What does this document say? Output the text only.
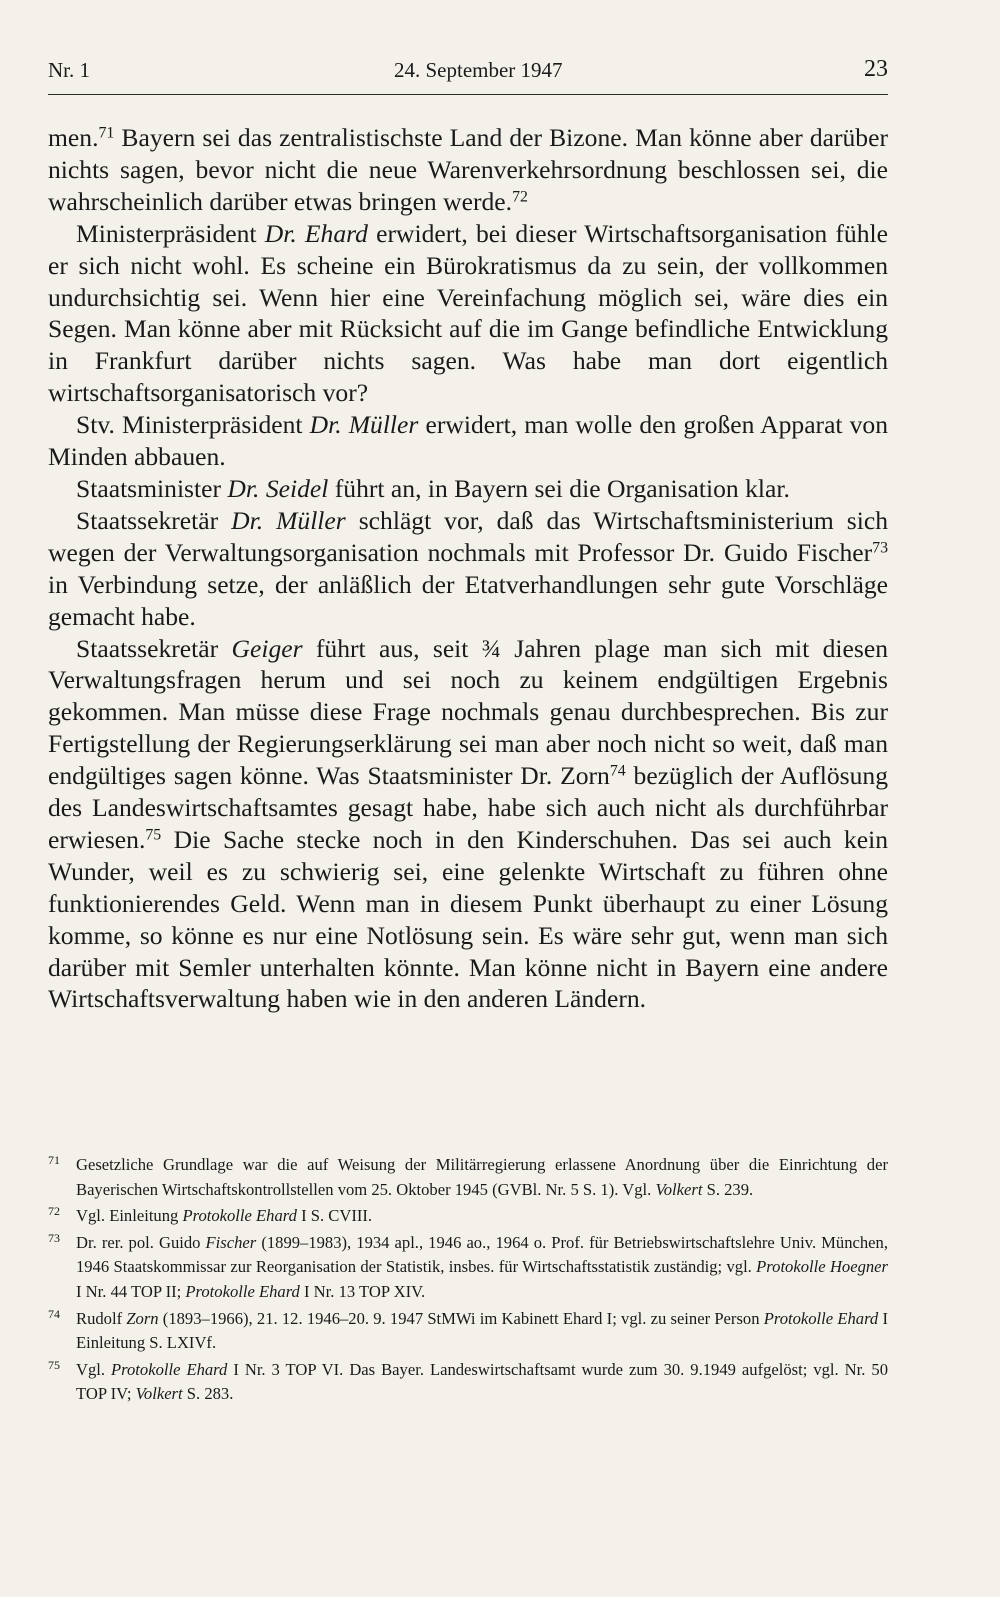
Nr. 1	24. September 1947	23

men.$^{71}$ Bayern sei das zentralistischste Land der Bizone. Man könne aber darüber nichts sagen, bevor nicht die neue Warenverkehrsordnung beschlossen sei, die wahrscheinlich darüber etwas bringen werde.$^{72}$

Ministerpräsident Dr. Ehard erwidert, bei dieser Wirtschaftsorganisation fühle er sich nicht wohl. Es scheine ein Bürokratismus da zu sein, der vollkommen undurchsichtig sei. Wenn hier eine Vereinfachung möglich sei, wäre dies ein Segen. Man könne aber mit Rücksicht auf die im Gange befindliche Entwicklung in Frankfurt darüber nichts sagen. Was habe man dort eigentlich wirtschaftsorganisatorisch vor?

Stv. Ministerpräsident Dr. Müller erwidert, man wolle den großen Apparat von Minden abbauen.

Staatsminister Dr. Seidel führt an, in Bayern sei die Organisation klar.

Staatssekretär Dr. Müller schlägt vor, daß das Wirtschaftsministerium sich wegen der Verwaltungsorganisation nochmals mit Professor Dr. Guido Fischer$^{73}$ in Verbindung setze, der anläßlich der Etatverhandlungen sehr gute Vorschläge gemacht habe.

Staatssekretär Geiger führt aus, seit ¾ Jahren plage man sich mit diesen Verwaltungsfragen herum und sei noch zu keinem endgültigen Ergebnis gekommen. Man müsse diese Frage nochmals genau durchbesprechen. Bis zur Fertigstellung der Regierungserklärung sei man aber noch nicht so weit, daß man endgültiges sagen könne. Was Staatsminister Dr. Zorn$^{74}$ bezüglich der Auflösung des Landeswirtschaftsamtes gesagt habe, habe sich auch nicht als durchführbar erwiesen.$^{75}$ Die Sache stecke noch in den Kinderschuhen. Das sei auch kein Wunder, weil es zu schwierig sei, eine gelenkte Wirtschaft zu führen ohne funktionierendes Geld. Wenn man in diesem Punkt überhaupt zu einer Lösung komme, so könne es nur eine Notlösung sein. Es wäre sehr gut, wenn man sich darüber mit Semler unterhalten könnte. Man könne nicht in Bayern eine andere Wirtschaftsverwaltung haben wie in den anderen Ländern.

71 Gesetzliche Grundlage war die auf Weisung der Militärregierung erlassene Anordnung über die Einrichtung der Bayerischen Wirtschaftskontrollstellen vom 25. Oktober 1945 (GVBl. Nr. 5 S. 1). Vgl. Volkert S. 239.
72 Vgl. Einleitung Protokolle Ehard I S. CVIII.
73 Dr. rer. pol. Guido Fischer (1899–1983), 1934 apl., 1946 ao., 1964 o. Prof. für Betriebswirtschaftslehre Univ. München, 1946 Staatskommissar zur Reorganisation der Statistik, insbes. für Wirtschaftsstatistik zuständig; vgl. Protokolle Hoegner I Nr. 44 TOP II; Protokolle Ehard I Nr. 13 TOP XIV.
74 Rudolf Zorn (1893–1966), 21. 12. 1946–20. 9. 1947 StMWi im Kabinett Ehard I; vgl. zu seiner Person Protokolle Ehard I Einleitung S. LXIVf.
75 Vgl. Protokolle Ehard I Nr. 3 TOP VI. Das Bayer. Landeswirtschaftsamt wurde zum 30. 9.1949 aufgelöst; vgl. Nr. 50 TOP IV; Volkert S. 283.
